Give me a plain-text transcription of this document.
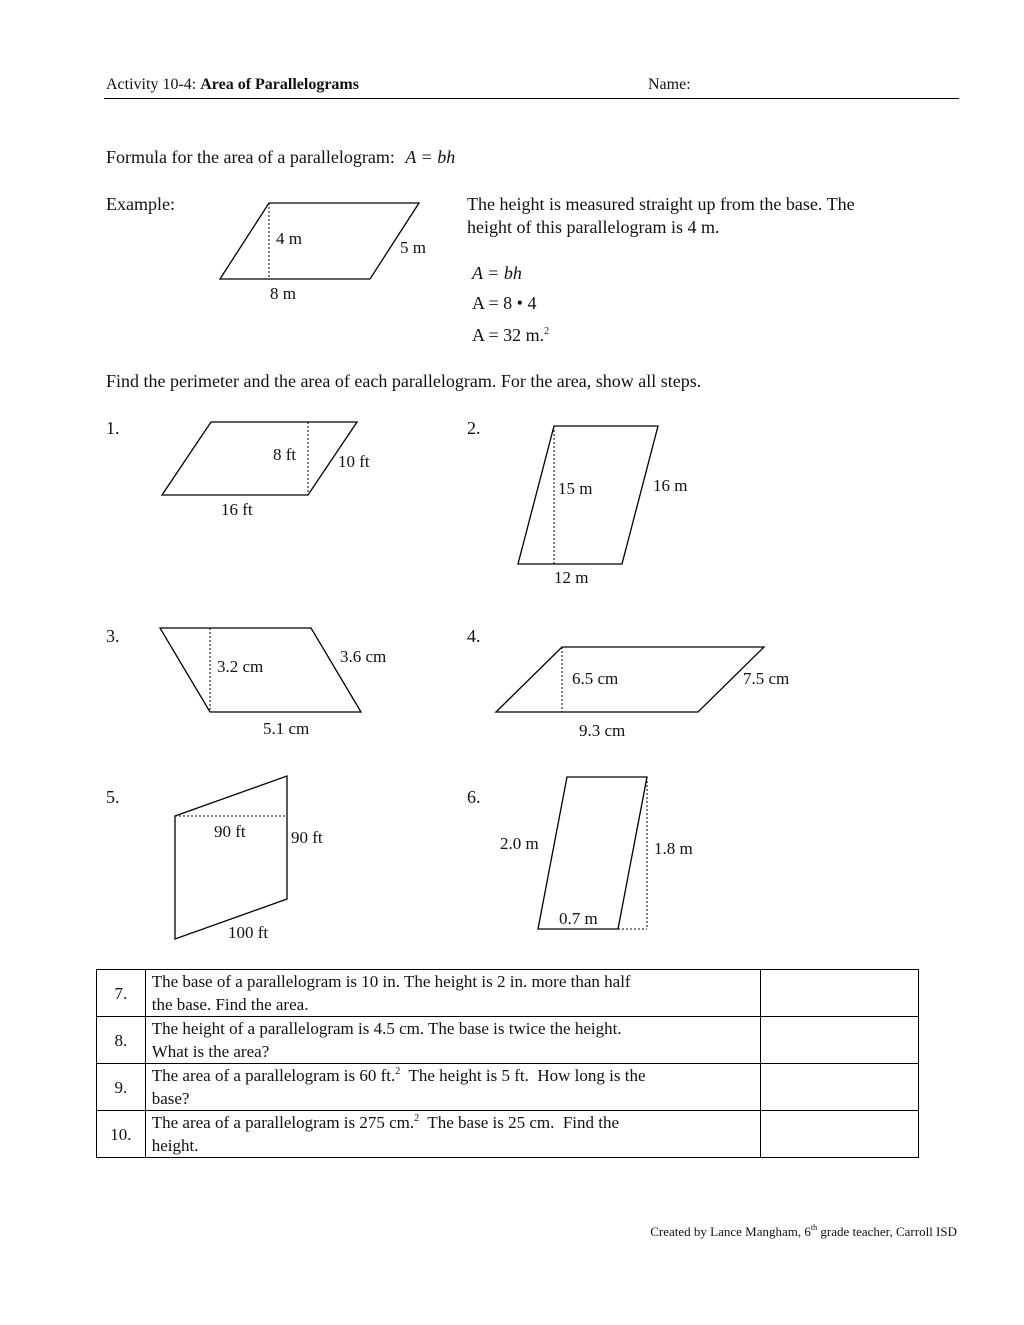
Activity 10-4: Area of Parallelograms	Name:
Formula for the area of a parallelogram: A = bh
Example:	The height is measured straight up from the base. The
height of this parallelogram is 4 m.
A = bh
A = 8 • 4
A = 32 m.$^2$
Find the perimeter and the area of each parallelogram. For the area, show all steps.
1.	2.
3.	4.
5.	6.
4 m	5 m
8 m
8 ft 10 ft
16 ft
15 m	16 m
12 m
3.2 cm
3.6 cm
5.1 cm
6.5 cm	7.5 cm
9.3 cm
90 ft	90 ft
100 ft
1.8 m
2.0 m
0.7 m
7.	The base of a parallelogram is 10 in. The height is 2 in. more than half
the base. Find the area.	

8.	The height of a parallelogram is 4.5 cm. The base is twice the height.
What is the area?	

9.	The area of a parallelogram is 60 ft.$^2$  The height is 5 ft.  How long is the
base?	

10.	The area of a parallelogram is 275 cm.$^2$  The base is 25 cm.  Find the
height.	

Created by Lance Mangham, 6th grade teacher, Carroll ISD
